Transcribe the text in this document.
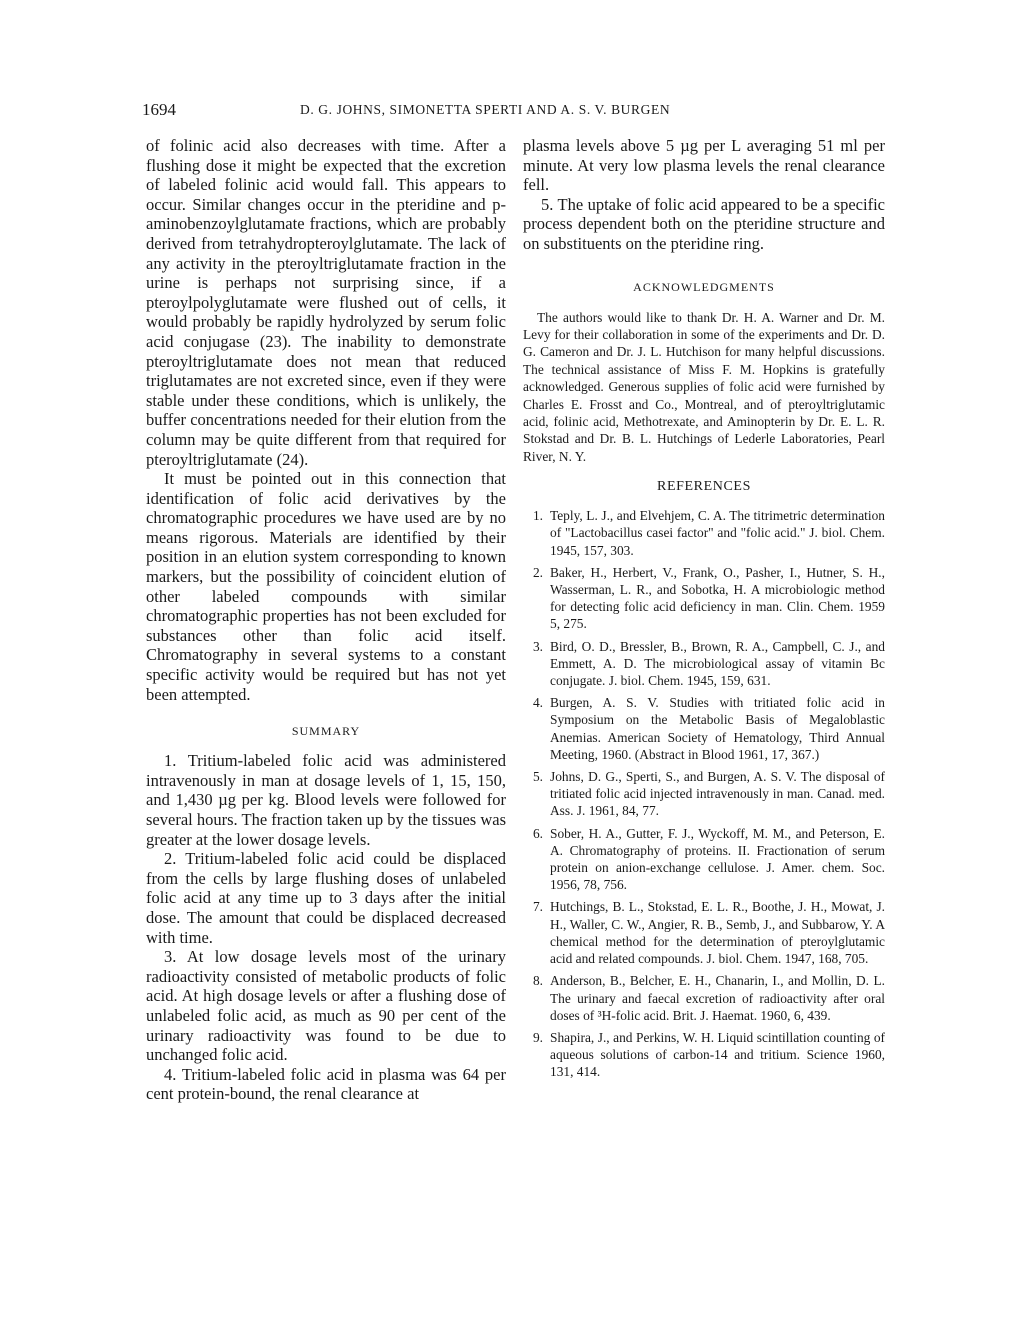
1694	D. G. JOHNS, SIMONETTA SPERTI AND A. S. V. BURGEN

of folinic acid also decreases with time. After a flushing dose it might be expected that the excretion of labeled folinic acid would fall. This appears to occur. Similar changes occur in the pteridine and p-aminobenzoylglutamate fractions, which are probably derived from tetrahydropteroylglutamate. The lack of any activity in the pteroyltriglutamate fraction in the urine is perhaps not surprising since, if a pteroylpolyglutamate were flushed out of cells, it would probably be rapidly hydrolyzed by serum folic acid conjugase (23). The inability to demonstrate pteroyltriglutamate does not mean that reduced triglutamates are not excreted since, even if they were stable under these conditions, which is unlikely, the buffer concentrations needed for their elution from the column may be quite different from that required for pteroyltriglutamate (24).

It must be pointed out in this connection that identification of folic acid derivatives by the chromatographic procedures we have used are by no means rigorous. Materials are identified by their position in an elution system corresponding to known markers, but the possibility of coincident elution of other labeled compounds with similar chromatographic properties has not been excluded for substances other than folic acid itself. Chromatography in several systems to a constant specific activity would be required but has not yet been attempted.

SUMMARY

1. Tritium-labeled folic acid was administered intravenously in man at dosage levels of 1, 15, 150, and 1,430 µg per kg. Blood levels were followed for several hours. The fraction taken up by the tissues was greater at the lower dosage levels.

2. Tritium-labeled folic acid could be displaced from the cells by large flushing doses of unlabeled folic acid at any time up to 3 days after the initial dose. The amount that could be displaced decreased with time.

3. At low dosage levels most of the urinary radioactivity consisted of metabolic products of folic acid. At high dosage levels or after a flushing dose of unlabeled folic acid, as much as 90 per cent of the urinary radioactivity was found to be due to unchanged folic acid.

4. Tritium-labeled folic acid in plasma was 64 per cent protein-bound, the renal clearance at

plasma levels above 5 µg per L averaging 51 ml per minute. At very low plasma levels the renal clearance fell.

5. The uptake of folic acid appeared to be a specific process dependent both on the pteridine structure and on substituents on the pteridine ring.

ACKNOWLEDGMENTS

The authors would like to thank Dr. H. A. Warner and Dr. M. Levy for their collaboration in some of the experiments and Dr. D. G. Cameron and Dr. J. L. Hutchison for many helpful discussions. The technical assistance of Miss F. M. Hopkins is gratefully acknowledged. Generous supplies of folic acid were furnished by Charles E. Frosst and Co., Montreal, and of pteroyltriglutamic acid, folinic acid, Methotrexate, and Aminopterin by Dr. E. L. R. Stokstad and Dr. B. L. Hutchings of Lederle Laboratories, Pearl River, N. Y.

REFERENCES
1. Teply, L. J., and Elvehjem, C. A. The titrimetric determination of "Lactobacillus casei factor" and "folic acid." J. biol. Chem. 1945, 157, 303.
2. Baker, H., Herbert, V., Frank, O., Pasher, I., Hutner, S. H., Wasserman, L. R., and Sobotka, H. A microbiologic method for detecting folic acid deficiency in man. Clin. Chem. 1959 5, 275.
3. Bird, O. D., Bressler, B., Brown, R. A., Campbell, C. J., and Emmett, A. D. The microbiological assay of vitamin Bc conjugate. J. biol. Chem. 1945, 159, 631.
4. Burgen, A. S. V. Studies with tritiated folic acid in Symposium on the Metabolic Basis of Megaloblastic Anemias. American Society of Hematology, Third Annual Meeting, 1960. (Abstract in Blood 1961, 17, 367.)
5. Johns, D. G., Sperti, S., and Burgen, A. S. V. The disposal of tritiated folic acid injected intravenously in man. Canad. med. Ass. J. 1961, 84, 77.
6. Sober, H. A., Gutter, F. J., Wyckoff, M. M., and Peterson, E. A. Chromatography of proteins. II. Fractionation of serum protein on anion-exchange cellulose. J. Amer. chem. Soc. 1956, 78, 756.
7. Hutchings, B. L., Stokstad, E. L. R., Boothe, J. H., Mowat, J. H., Waller, C. W., Angier, R. B., Semb, J., and Subbarow, Y. A chemical method for the determination of pteroylglutamic acid and related compounds. J. biol. Chem. 1947, 168, 705.
8. Anderson, B., Belcher, E. H., Chanarin, I., and Mollin, D. L. The urinary and faecal excretion of radioactivity after oral doses of ³H-folic acid. Brit. J. Haemat. 1960, 6, 439.
9. Shapira, J., and Perkins, W. H. Liquid scintillation counting of aqueous solutions of carbon-14 and tritium. Science 1960, 131, 414.
